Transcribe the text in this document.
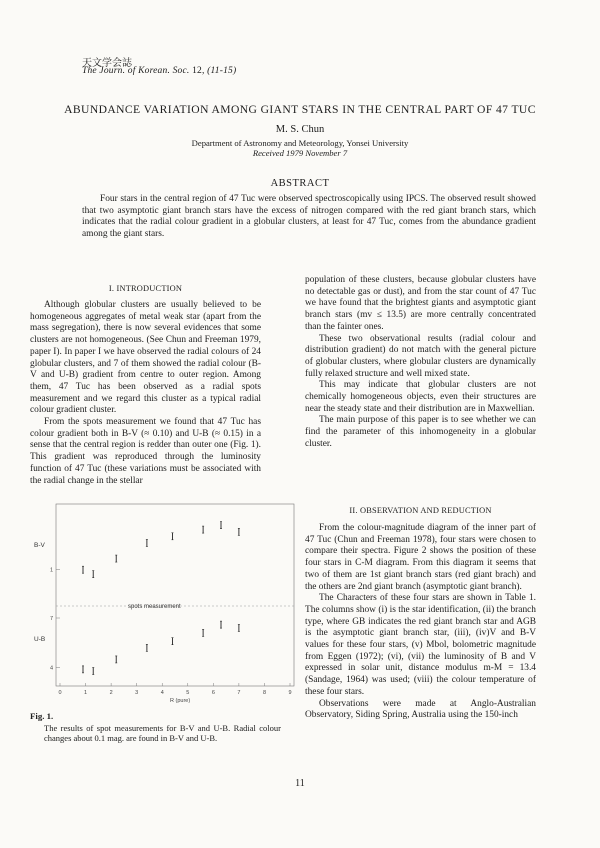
天文学会誌
The Journ. of Korean. Soc. 12, (11-15)
ABUNDANCE VARIATION AMONG GIANT STARS IN THE CENTRAL PART OF 47 TUC
M. S. Chun
Department of Astronomy and Meteorology, Yonsei University
Received 1979 November 7
ABSTRACT

Four stars in the central region of 47 Tuc were observed spectroscopically using IPCS. The observed result showed that two asymptotic giant branch stars have the excess of nitrogen compared with the red giant branch stars, which indicates that the radial colour gradient in a globular clusters, at least for 47 Tuc, comes from the abundance gradient among the giant stars.

I. INTRODUCTION

Although globular clusters are usually believed to be homogeneous aggregates of metal weak star (apart from the mass segregation), there is now several evidences that some clusters are not homogeneous. (See Chun and Freeman 1979, paper I). In paper I we have observed the radial colours of 24 globular clusters, and 7 of them showed the radial colour (B-V and U-B) gradient from centre to outer region. Among them, 47 Tuc has been observed as a radial spots measurement and we regard this cluster as a typical radial colour gradient cluster.

From the spots measurement we found that 47 Tuc has colour gradient both in B-V (≈ 0.10) and U-B (≈ 0.15) in a sense that the central region is redder than outer one (Fig. 1). This gradient was reproduced through the luminosity function of 47 Tuc (these variations must be associated with the radial change in the stellar

population of these clusters, because globular clusters have no detectable gas or dust), and from the star count of 47 Tuc we have found that the brightest giants and asymptotic giant branch stars (mv ≤ 13.5) are more centrally concentrated than the fainter ones.

These two observational results (radial colour and distribution gradient) do not match with the general picture of globular clusters, where globular clusters are dynamically fully relaxed structure and well mixed state.

This may indicate that globular clusters are not chemically homogeneous objects, even their structures are near the steady state and their distribution are in Maxwellian.

The main purpose of this paper is to see whether we can find the parameter of this inhomogeneity in a globular cluster.

II. OBSERVATION AND REDUCTION

From the colour-magnitude diagram of the inner part of 47 Tuc (Chun and Freeman 1978), four stars were chosen to compare their spectra. Figure 2 shows the position of these four stars in C-M diagram. From this diagram it seems that two of them are 1st giant branch stars (red giant brach) and the others are 2nd giant branch (asymptotic giant branch).

The Characters of these four stars are shown in Table 1. The columns show (i) is the star identification, (ii) the branch type, where GB indicates the red giant branch star and AGB is the asymptotic giant branch star, (iii), (iv)V and B-V values for these four stars, (v) Mbol, bolometric magnitude from Eggen (1972); (vi), (vii) the luminosity of B and V expressed in solar unit, distance modulus m-M = 13.4 (Sandage, 1964) was used; (viii) the colour temperature of these four stars.

Observations were made at Anglo-Australian Observatory, Siding Spring, Australia using the 150-inch

B-V
1
U-B
4
7
spots measurement
0	1	2	3	4	5	6	7	8	9
R (pure)
Fig. 1.
The results of spot measurements for B-V and U-B. Radial colour changes about 0.1 mag. are found in B-V and U-B.
11
